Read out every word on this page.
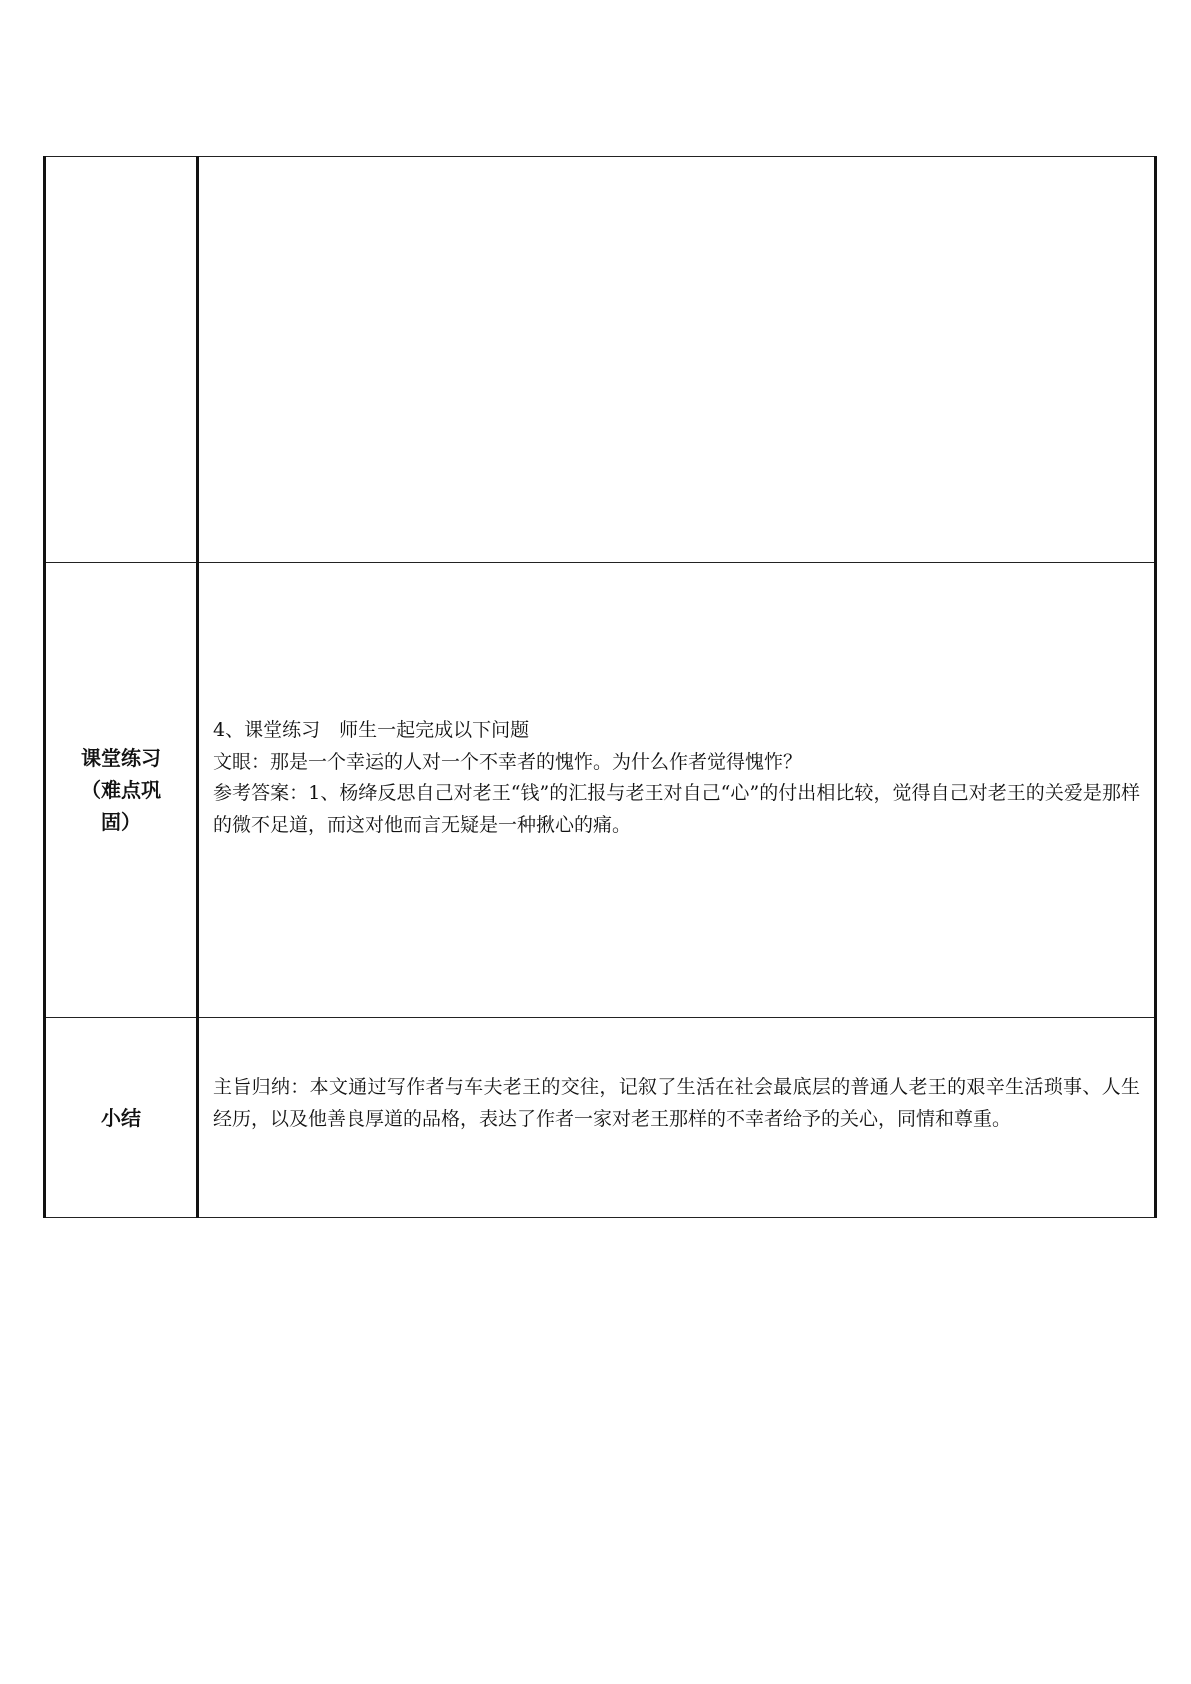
课堂练习（难点巩固）	4、课堂练习　师生一起完成以下问题

文眼：那是一个幸运的人对一个不幸者的愧怍。为什么作者觉得愧怍？

参考答案：1、杨绛反思自己对老王“钱”的汇报与老王对自己“心”的付出相比较，觉得自己对老王的关爱是那样的微不足道，而这对他而言无疑是一种揪心的痛。

小结	主旨归纳：本文通过写作者与车夫老王的交往，记叙了生活在社会最底层的普通人老王的艰辛生活琐事、人生经历，以及他善良厚道的品格，表达了作者一家对老王那样的不幸者给予的关心，同情和尊重。
